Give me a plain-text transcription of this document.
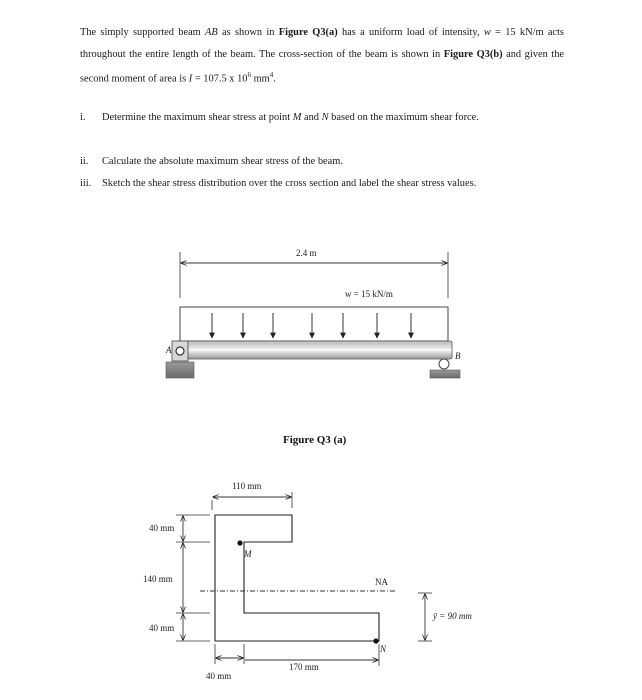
The simply supported beam AB as shown in Figure Q3(a) has a uniform load of intensity, w = 15 kN/m acts throughout the entire length of the beam. The cross-section of the beam is shown in Figure Q3(b) and given the second moment of area is I = 107.5 x $10^6$ $mm^4$.

i. Determine the maximum shear stress at point M and N based on the maximum shear force.
ii. Calculate the absolute maximum shear stress of the beam.
iii. Sketch the shear stress distribution over the cross section and label the shear stress values.
2.4 m
w = 15 kN/m
A
B
Figure Q3 (a)
110 mm
40 mm
140 mm
40 mm
40 mm
170 mm
NA
M
N
ȳ = 90 mm
